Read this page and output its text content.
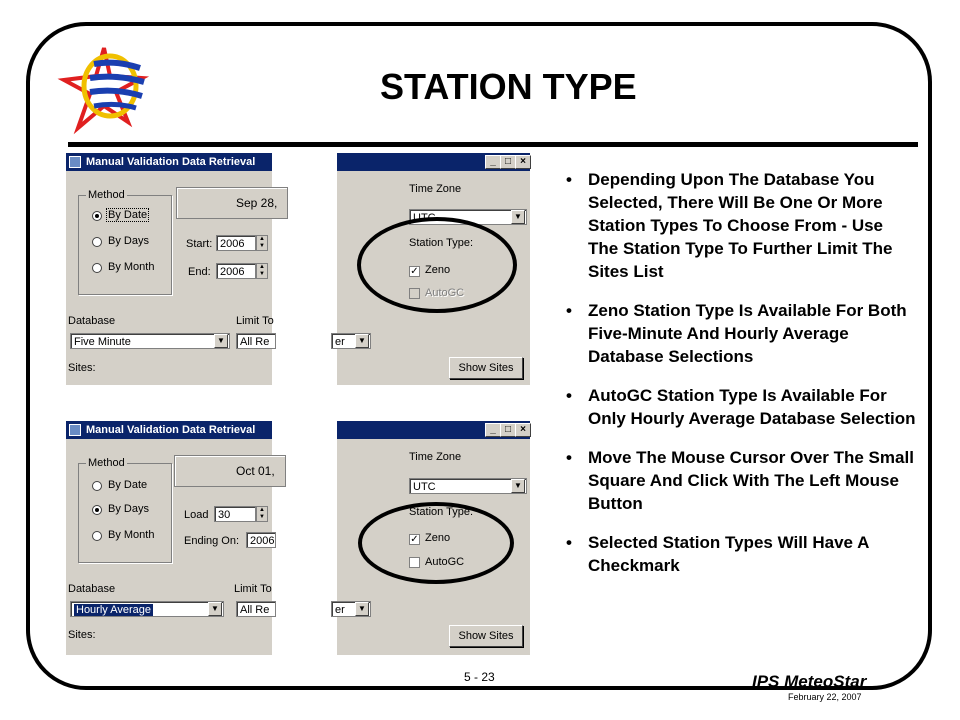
STATION TYPE
Manual Validation Data Retrieval
Method
By Date
By Days
By Month
Sep 28,
Start: 2006	▲
▼
End: 2006	▲
▼
Database
Five Minute	▼
Limit To
All Re
Sites:
_ □ ×
Time Zone
UTC	▼
Station Type:
✓ Zeno
AutoGC
er	▼
Show Sites
Manual Validation Data Retrieval
Method
By Date
By Days
By Month
Oct 01,
Load 30	▲
▼
Ending On: 2006
Database
Hourly Average	▼
Limit To
All Re
Sites:
_ □ ×
Time Zone
UTC	▼
Station Type:
✓ Zeno
AutoGC
er	▼
Show Sites
• Depending Upon The Database You Selected, There Will Be One Or More Station Types To Choose From - Use The Station Type To Further Limit The Sites List
• Zeno Station Type Is Available For Both Five-Minute And Hourly Average Database Selections
• AutoGC Station Type Is Available For Only Hourly Average Database Selection
• Move The Mouse Cursor Over The Small Square And Click With The Left Mouse Button
• Selected Station Types Will Have A Checkmark
5 - 23	IPS MeteoStar
February 22, 2007
